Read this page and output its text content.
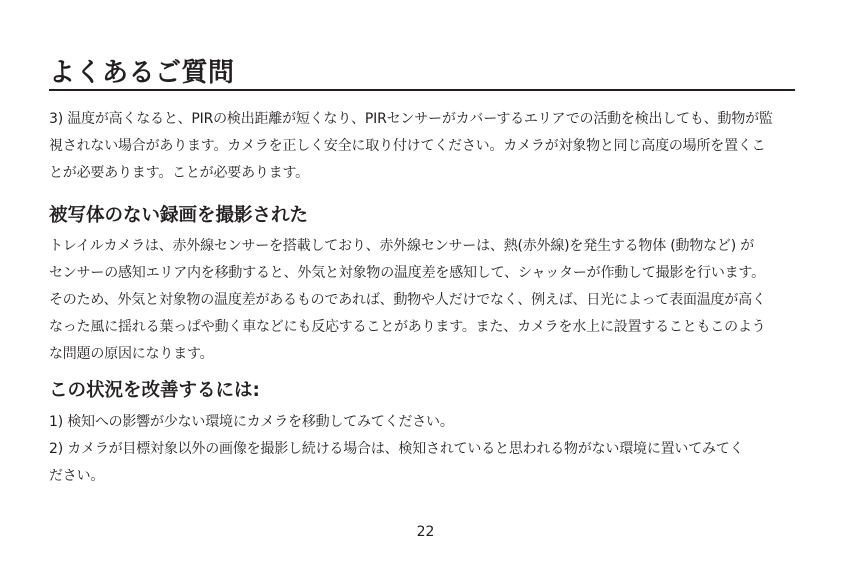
よくあるご質問
3) 温度が高くなると、PIRの検出距離が短くなり、PIRセンサーがカバーするエリアでの活動を検出しても、動物が監
視されない場合があります。カメラを正しく安全に取り付けてください。カメラが対象物と同じ高度の場所を置くこ
とが必要あります。ことが必要あります。
被写体のない録画を撮影された
トレイルカメラは、赤外線センサーを搭載しており、赤外線センサーは、熱(赤外線)を発生する物体 (動物など) が
センサーの感知エリア内を移動すると、外気と対象物の温度差を感知して、シャッターが作動して撮影を行います。
そのため、外気と対象物の温度差があるものであれば、動物や人だけでなく、例えば、日光によって表面温度が高く
なった風に揺れる葉っぱや動く車などにも反応することがあります。また、カメラを水上に設置することもこのよう
な問題の原因になります。
この状況を改善するには:
1) 検知への影響が少ない環境にカメラを移動してみてください。
2) カメラが目標対象以外の画像を撮影し続ける場合は、検知されていると思われる物がない環境に置いてみてく
ださい。
22
